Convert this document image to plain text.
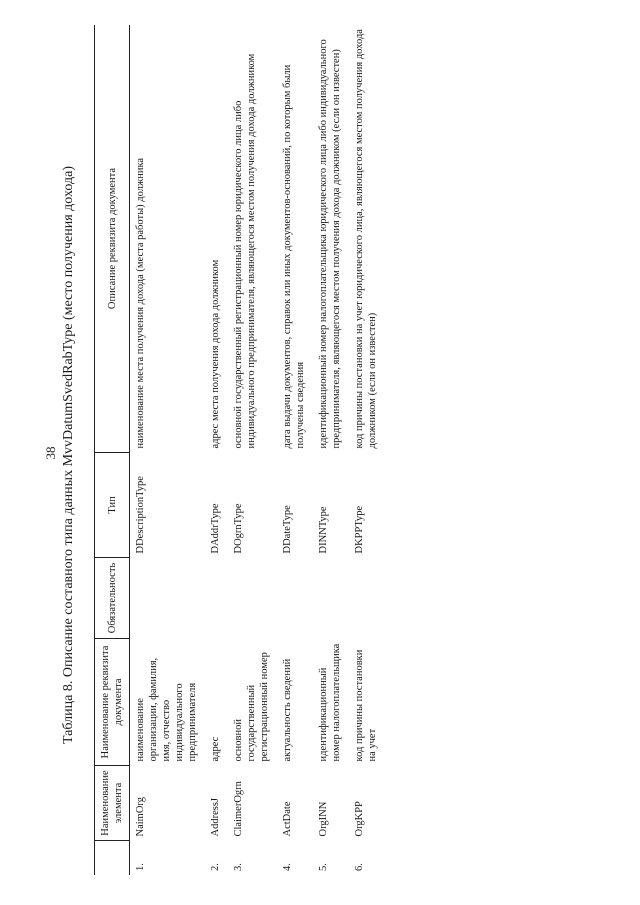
38 Таблица 8. Описание составного типа данных MvvDatumSvedRabType (место получения дохода)
	Наименование элемента	Наименование реквизита документа	Обязательность	Тип	Описание реквизита документа
1.	NaimOrg	наименование организации, фамилия, имя, отчество индивидуального предпринимателя		DDescriptionType	наименование места получения дохода (места работы) должника
2.	AddressJ	адрес		DAddrType	адрес места получения дохода должником
3.	ClaimerOgrn	основной государственный регистрационный номер		DOgrnType	основной государственный регистрационный номер юридического лица либо индивидуального предпринимателя, являющегося местом получения дохода должником
4.	ActDate	актуальность сведений		DDateType	дата выдачи документов, справок или иных документов-оснований, по которым были получены сведения
5.	OrgINN	идентификационный номер налогоплательщика		DINNType	идентификационный номер налогоплательщика юридического лица либо индивидуального предпринимателя, являющегося местом получения дохода должником (если он известен)
6.	OrgKPP	код причины постановки на учет		DKPPType	код причины постановки на учет юридического лица, являющегося местом получения дохода должником (если он известен)
